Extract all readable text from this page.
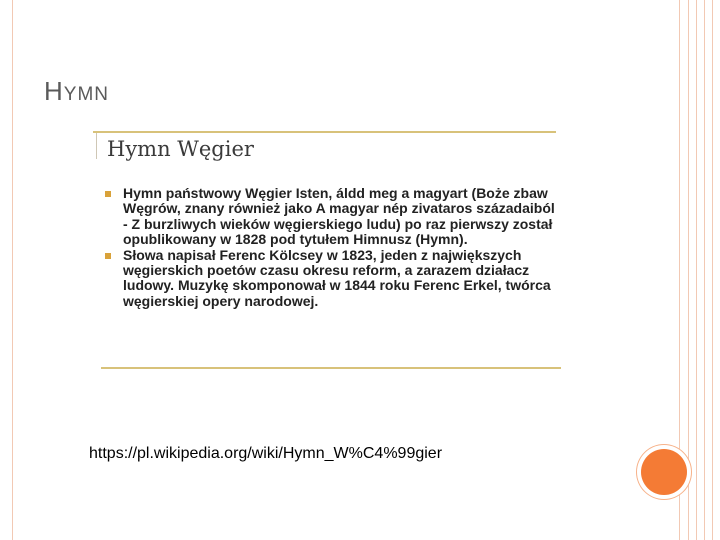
HYMN
Hymn Węgier
Hymn państwowy Węgier Isten, áldd meg a magyart (Boże zbaw Węgrów, znany również jako A magyar nép zivataros századaiból - Z burzliwych wieków węgierskiego ludu) po raz pierwszy został opublikowany w 1828 pod tytułem Himnusz (Hymn).
Słowa napisał Ferenc Kölcsey w 1823, jeden z największych węgierskich poetów czasu okresu reform, a zarazem działacz ludowy. Muzykę skomponował w 1844 roku Ferenc Erkel, twórca węgierskiej opery narodowej.
https://pl.wikipedia.org/wiki/Hymn_W%C4%99gier
